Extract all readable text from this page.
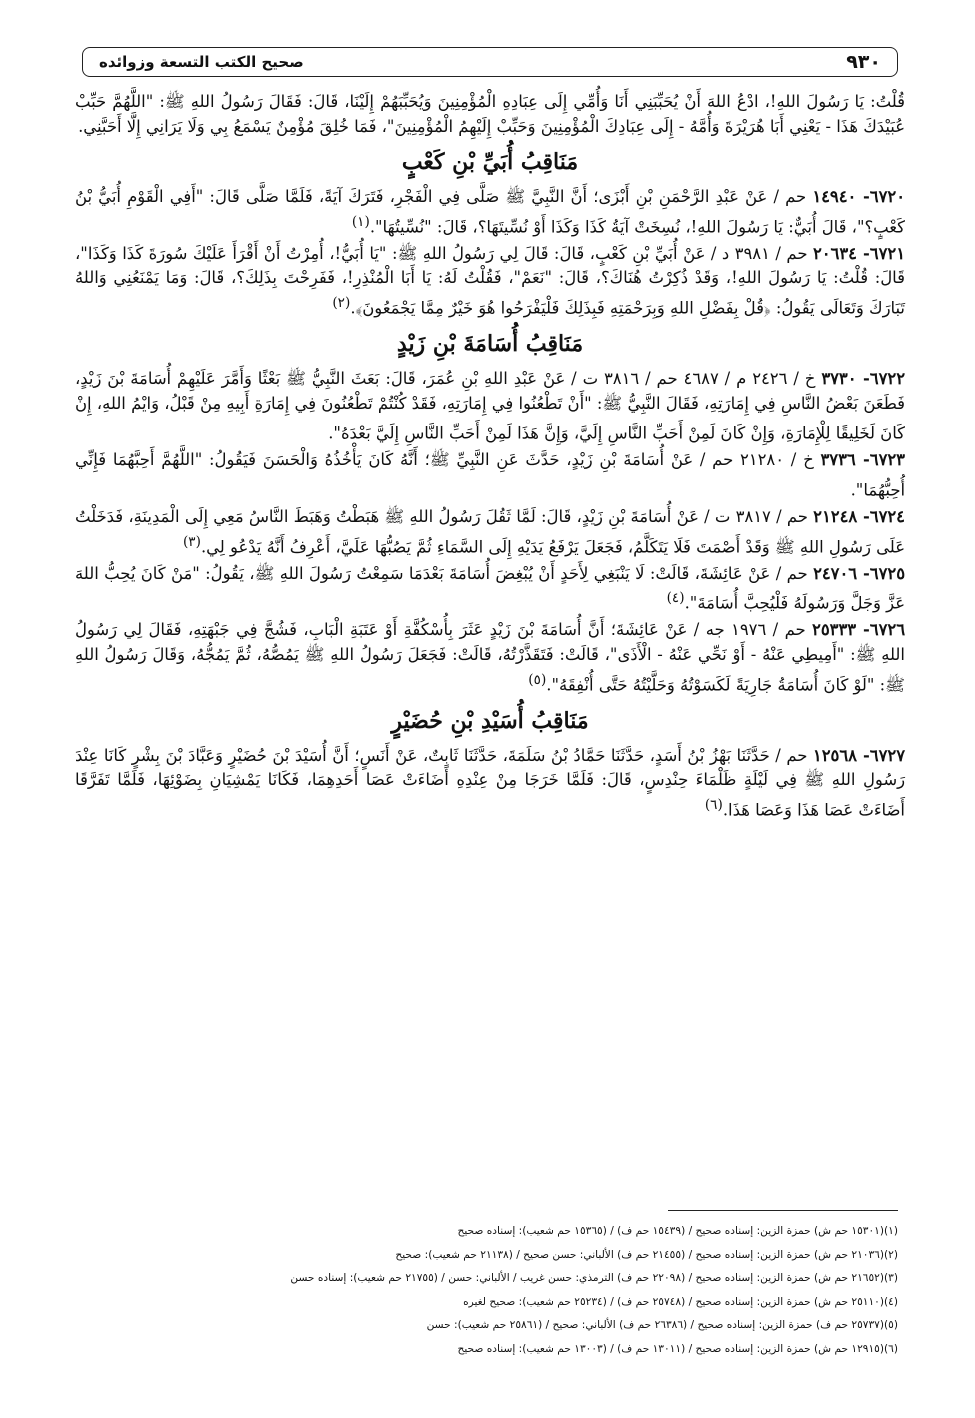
٩٣٠
صحيح الكتب التسعة وزوائده

قُلْتُ: يَا رَسُولَ اللهِ!، ادْعُ اللهَ أَنْ يُحَبِّبَنِي أَنَا وَأُمِّي إِلَى عِبَادِهِ الْمُؤْمِنِينَ وَيُحَبِّبَهُمْ إِلَيْنَا، قَالَ: فَقَالَ رَسُولُ اللهِ ﷺ: "اللَّهُمَّ حَبِّبْ عُبَيْدَكَ هَذَا - يَعْنِي أَبَا هُرَيْرَةَ وَأُمَّهُ - إِلَى عِبَادِكَ الْمُؤْمِنِينَ وَحَبِّبْ إِلَيْهِمُ الْمُؤْمِنِينَ"، فَمَا خُلِقَ مُؤْمِنٌ يَسْمَعُ بِي وَلَا يَرَانِي إِلَّا أَحَبَّنِي.

مَنَاقِبُ أُبَيِّ بْنِ كَعْبٍ

٦٧٢٠- ١٤٩٤٠ حم / عَنْ عَبْدِ الرَّحْمَنِ بْنِ أَبْزَى؛ أَنَّ النَّبِيَّ ﷺ صَلَّى فِي الْفَجْرِ، فَتَرَكَ آيَةً، فَلَمَّا صَلَّى قَالَ: "أَفِي الْقَوْمِ أُبَيُّ بْنُ كَعْبٍ؟"، قَالَ أُبَيٌّ: يَا رَسُولَ اللهِ!، نُسِخَتْ آيَةُ كَذَا وَكَذَا أَوْ نُسِّيتَهَا؟، قَالَ: "نُسِّيتُهَا".$^{(١)}$

٦٧٢١- ٢٠٦٣٤ حم / ٣٩٨١ د / عَنْ أُبَيِّ بْنِ كَعْبٍ، قَالَ: قَالَ لِي رَسُولُ اللهِ ﷺ: "يَا أُبَيُّ!، أُمِرْتُ أَنْ أَقْرَأَ عَلَيْكَ سُورَةَ كَذَا وَكَذَا"، قَالَ: قُلْتُ: يَا رَسُولَ اللهِ!، وَقَدْ ذُكِرْتُ هُنَاكَ؟، قَالَ: "نَعَمْ"، فَقُلْتُ لَهُ: يَا أَبَا الْمُنْذِرِ!، فَفَرِحْتَ بِذَلِكَ؟، قَالَ: وَمَا يَمْنَعُنِي وَاللهُ تَبَارَكَ وَتَعَالَى يَقُولُ: ﴿قُلْ بِفَضْلِ اللهِ وَبِرَحْمَتِهِ فَبِذَلِكَ فَلْيَفْرَحُوا هُوَ خَيْرٌ مِمَّا يَجْمَعُونَ﴾.$^{(٢)}$

مَنَاقِبُ أُسَامَةَ بْنِ زَيْدٍ

٦٧٢٢- ٣٧٣٠ خ / ٢٤٢٦ م / ٤٦٨٧ حم / ٣٨١٦ ت / عَنْ عَبْدِ اللهِ بْنِ عُمَرَ، قَالَ: بَعَثَ النَّبِيُّ ﷺ بَعْثًا وَأَمَّرَ عَلَيْهِمْ أُسَامَةَ بْنَ زَيْدٍ، فَطَعَنَ بَعْضُ النَّاسِ فِي إِمَارَتِهِ، فَقَالَ النَّبِيُّ ﷺ: "أَنْ تَطْعُنُوا فِي إِمَارَتِهِ، فَقَدْ كُنْتُمْ تَطْعُنُونَ فِي إِمَارَةِ أَبِيهِ مِنْ قَبْلُ، وَايْمُ اللهِ، إِنْ كَانَ لَخَلِيقًا لِلْإِمَارَةِ، وَإِنْ كَانَ لَمِنْ أَحَبِّ النَّاسِ إِلَيَّ، وَإِنَّ هَذَا لَمِنْ أَحَبِّ النَّاسِ إِلَيَّ بَعْدَهُ".

٦٧٢٣- ٣٧٣٦ خ / ٢١٢٨٠ حم / عَنْ أُسَامَةَ بْنِ زَيْدٍ، حَدَّثَ عَنِ النَّبِيِّ ﷺ؛ أَنَّهُ كَانَ يَأْخُذُهُ وَالْحَسَنَ فَيَقُولُ: "اللَّهُمَّ أَحِبَّهُمَا فَإِنِّي أُحِبُّهُمَا".

٦٧٢٤- ٢١٢٤٨ حم / ٣٨١٧ ت / عَنْ أُسَامَةَ بْنِ زَيْدٍ، قَالَ: لَمَّا ثَقُلَ رَسُولُ اللهِ ﷺ هَبَطْتُ وَهَبَطَ النَّاسُ مَعِي إِلَى الْمَدِينَةِ، فَدَخَلْتُ عَلَى رَسُولِ اللهِ ﷺ وَقَدْ أَصْمَتَ فَلَا يَتَكَلَّمُ، فَجَعَلَ يَرْفَعُ يَدَيْهِ إِلَى السَّمَاءِ ثُمَّ يَصُبُّهَا عَلَيَّ، أَعْرِفُ أَنَّهُ يَدْعُو لِي.$^{(٣)}$

٦٧٢٥- ٢٤٧٠٦ حم / عَنْ عَائِشَةَ، قَالَتْ: لَا يَنْبَغِي لِأَحَدٍ أَنْ يُبْغِضَ أُسَامَةَ بَعْدَمَا سَمِعْتُ رَسُولَ اللهِ ﷺ، يَقُولُ: "مَنْ كَانَ يُحِبُّ اللهَ عَزَّ وَجَلَّ وَرَسُولَهُ فَلْيُحِبَّ أُسَامَةَ".$^{(٤)}$

٦٧٢٦- ٢٥٣٣٣ حم / ١٩٧٦ جه / عَنْ عَائِشَةَ؛ أَنَّ أُسَامَةَ بْنَ زَيْدٍ عَثَرَ بِأُسْكُفَّةِ أَوْ عَتَبَةِ الْبَابِ، فَشُجَّ فِي جَبْهَتِهِ، فَقَالَ لِي رَسُولُ اللهِ ﷺ: "أَمِيطِي عَنْهُ - أَوْ نَحِّي عَنْهُ - الْأَذَى"، قَالَتْ: فَتَقَذَّرْتُهُ، قَالَتْ: فَجَعَلَ رَسُولُ اللهِ ﷺ يَمُصُّهُ، ثُمَّ يَمُجُّهُ، وَقَالَ رَسُولُ اللهِ ﷺ: "لَوْ كَانَ أُسَامَةُ جَارِيَةً لَكَسَوْتُهُ وَحَلَّيْتُهُ حَتَّى أُنْفِقَهُ".$^{(٥)}$

مَنَاقِبُ أُسَيْدِ بْنِ حُضَيْرٍ

٦٧٢٧- ١٢٥٦٨ حم / حَدَّثَنَا بَهْزُ بْنُ أَسَدٍ، حَدَّثَنَا حَمَّادُ بْنُ سَلَمَةَ، حَدَّثَنَا ثَابِتٌ، عَنْ أَنَسٍ؛ أَنَّ أُسَيْدَ بْنَ حُضَيْرٍ وَعَبَّادَ بْنَ بِشْرٍ كَانَا عِنْدَ رَسُولِ اللهِ ﷺ فِي لَيْلَةٍ ظَلْمَاءَ حِنْدِسٍ، قَالَ: فَلَمَّا خَرَجَا مِنْ عِنْدِهِ أَضَاءَتْ عَصَا أَحَدِهِمَا، فَكَانَا يَمْشِيَانِ بِضَوْئِهَا، فَلَمَّا تَفَرَّقَا أَضَاءَتْ عَصَا هَذَا وَعَصَا هَذَا.$^{(٦)}$

(١)(١٥٣٠١ حم ش) حمزة الزين: إسناده صحيح / (١٥٤٣٩ حم ف) / (١٥٣٦٥ حم شعيب): إسناده صحيح
(٢)(٢١٠٣٦ حم ش) حمزة الزين: إسناده صحيح / (٢١٤٥٥ حم ف) الألباني: حسن صحيح / (٢١١٣٨ حم شعيب): صحيح
(٣)(٢١٦٥٢ حم ش) حمزة الزين: إسناده صحيح / (٢٢٠٩٨ حم ف) الترمذي: حسن غريب / الألباني: حسن / (٢١٧٥٥ حم شعيب): إسناده حسن
(٤)(٢٥١١٠ حم ش) حمزة الزين: إسناده صحيح / (٢٥٧٤٨ حم ف) / (٢٥٢٣٤ حم شعيب): صحيح لغيره
(٥)(٢٥٧٣٧ حم ف) حمزة الزين: إسناده صحيح / (٢٦٣٨٦ حم ف) الألباني: صحيح / (٢٥٨٦١ حم شعيب): حسن
(٦)(١٢٩١٥ حم ش) حمزة الزين: إسناده صحيح / (١٣٠١١ حم ف) / (١٣٠٠٣ حم شعيب): إسناده صحيح
